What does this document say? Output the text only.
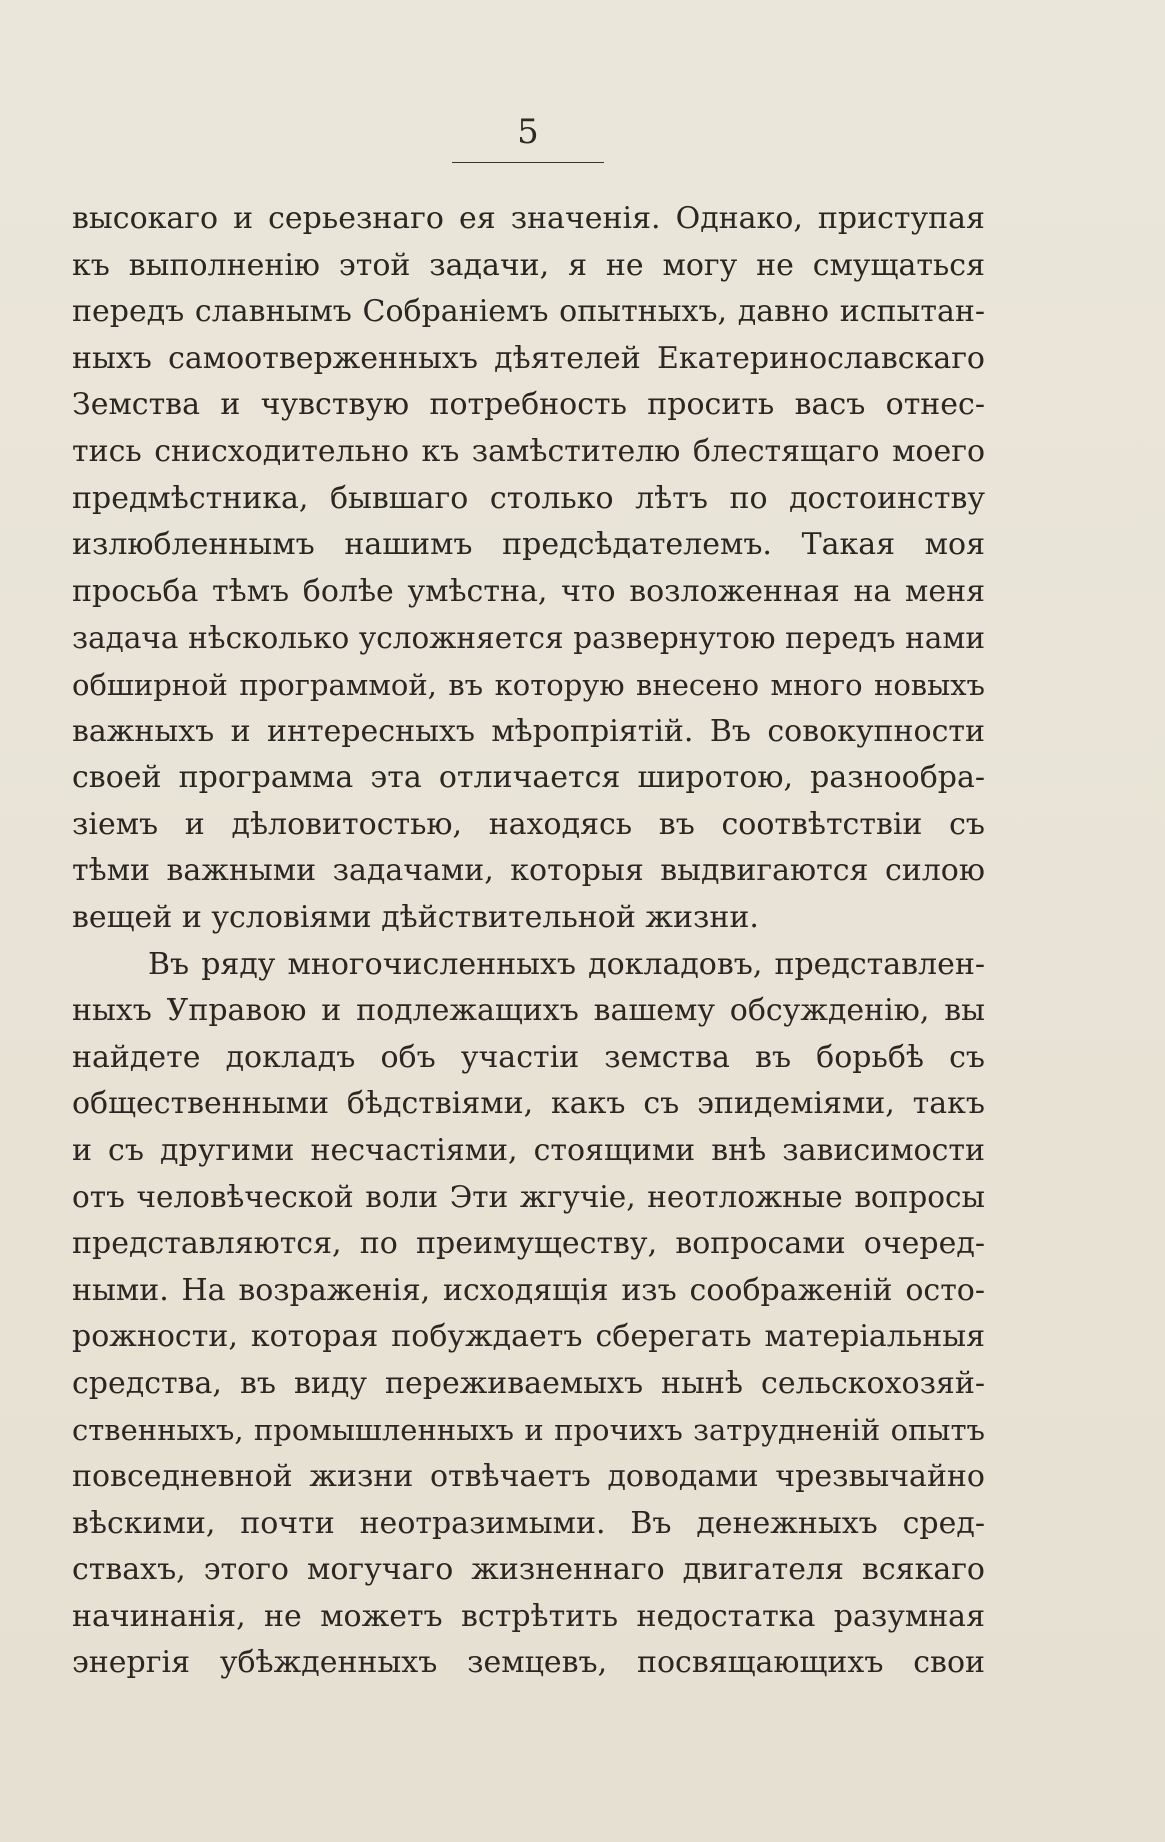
5
высокаго и серьезнаго ея значенія. Однако, приступая
къ выполненію этой задачи, я не могу не смущаться
передъ славнымъ Собраніемъ опытныхъ, давно испытан-
ныхъ самоотверженныхъ дѣятелей Екатеринославскаго
Земства и чувствую потребность просить васъ отнес-
тись снисходительно къ замѣстителю блестящаго моего
предмѣстника, бывшаго столько лѣтъ по достоинству
излюбленнымъ нашимъ предсѣдателемъ. Такая моя
просьба тѣмъ болѣе умѣстна, что возложенная на меня
задача нѣсколько усложняется развернутою передъ нами
обширной программой, въ которую внесено много новыхъ
важныхъ и интересныхъ мѣропріятій. Въ совокупности
своей программа эта отличается широтою, разнообра-
зіемъ и дѣловитостью, находясь въ соотвѣтствіи съ
тѣми важными задачами, которыя выдвигаются силою
вещей и условіями дѣйствительной жизни.
Въ ряду многочисленныхъ докладовъ, представлен-
ныхъ Управою и подлежащихъ вашему обсужденію, вы
найдете докладъ объ участіи земства въ борьбѣ съ
общественными бѣдствіями, какъ съ эпидеміями, такъ
и съ другими несчастіями, стоящими внѣ зависимости
отъ человѣческой воли Эти жгучіе, неотложные вопросы
представляются, по преимуществу, вопросами очеред-
ными. На возраженія, исходящія изъ соображеній осто-
рожности, которая побуждаетъ сберегать матеріальныя
средства, въ виду переживаемыхъ нынѣ сельскохозяй-
ственныхъ, промышленныхъ и прочихъ затрудненій опытъ
повседневной жизни отвѣчаетъ доводами чрезвычайно
вѣскими, почти неотразимыми. Въ денежныхъ сред-
ствахъ, этого могучаго жизненнаго двигателя всякаго
начинанія, не можетъ встрѣтить недостатка разумная
энергія убѣжденныхъ земцевъ, посвящающихъ свои
